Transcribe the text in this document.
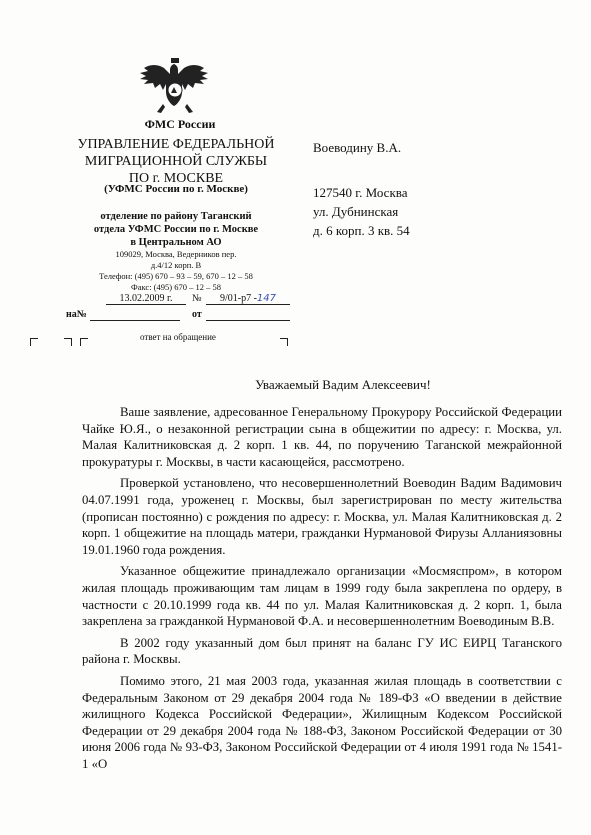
ФМС России
УПРАВЛЕНИЕ ФЕДЕРАЛЬНОЙ
МИГРАЦИОННОЙ СЛУЖБЫ
ПО г. МОСКВЕ
(УФМС России по г. Москве)
отделение по району Таганский
отдела УФМС России по г. Москве
в Центральном АО
109029, Москва, Ведерников пер.
д.4/12 корп. В
Телефон: (495) 670 – 93 – 59, 670 – 12 – 58
Факс: (495) 670 – 12 – 58
13.02.2009 г.	№	9/01-р7 -147
на№	от
ответ на обращение
Воеводину В.А.
127540 г. Москва
ул. Дубнинская
д. 6 корп. 3 кв. 54
Уважаемый Вадим Алексеевич!

Ваше заявление, адресованное Генеральному Прокурору Российской Федерации Чайке Ю.Я., о незаконной регистрации сына в общежитии по адресу: г. Москва, ул. Малая Калитниковская д. 2 корп. 1 кв. 44, по поручению Таганской межрайонной прокуратуры г. Москвы, в части касающейся, рассмотрено.

Проверкой установлено, что несовершеннолетний Воеводин Вадим Вадимович 04.07.1991 года, уроженец г. Москвы, был зарегистрирован по месту жительства (прописан постоянно) с рождения по адресу: г. Москва, ул. Малая Калитниковская д. 2 корп. 1 общежитие на площадь матери, гражданки Нурмановой Фирузы Алланиязовны 19.01.1960 года рождения.

Указанное общежитие принадлежало организации «Мосмяспром», в котором жилая площадь проживающим там лицам в 1999 году была закреплена по ордеру, в частности с 20.10.1999 года кв. 44 по ул. Малая Калитниковская д. 2 корп. 1, была закреплена за гражданкой Нурмановой Ф.А. и несовершеннолетним Воеводиным В.В.

В 2002 году указанный дом был принят на баланс ГУ ИС ЕИРЦ Таганского района г. Москвы.

Помимо этого, 21 мая 2003 года, указанная жилая площадь в соответствии с Федеральным Законом от 29 декабря 2004 года № 189-ФЗ «О введении в действие жилищного Кодекса Российской Федерации», Жилищным Кодексом Российской Федерации от 29 декабря 2004 года № 188-ФЗ, Законом Российской Федерации от 30 июня 2006 года № 93-ФЗ, Законом Российской Федерации от 4 июля 1991 года № 1541-1 «О
